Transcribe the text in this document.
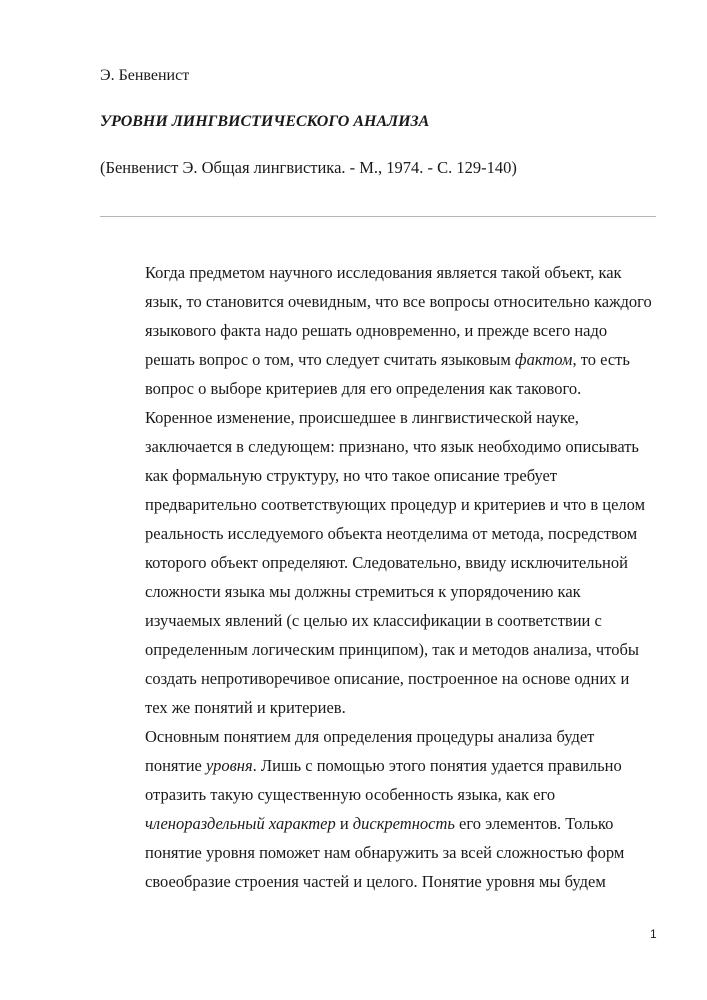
Э. Бенвенист
УРОВНИ ЛИНГВИСТИЧЕСКОГО АНАЛИЗА
(Бенвенист Э. Общая лингвистика. - М., 1974. - С. 129-140)
Когда предметом научного исследования является такой объект, как
язык, то становится очевидным, что все вопросы относительно каждого
языкового факта надо решать одновременно, и прежде всего надо
решать вопрос о том, что следует считать языковым фактом, то есть
вопрос о выборе критериев для его определения как такового.
Коренное изменение, происшедшее в лингвистической науке,
заключается в следующем: признано, что язык необходимо описывать
как формальную структуру, но что такое описание требует
предварительно соответствующих процедур и критериев и что в целом
реальность исследуемого объекта неотделима от метода, посредством
которого объект определяют. Следовательно, ввиду исключительной
сложности языка мы должны стремиться к упорядочению как
изучаемых явлений (с целью их классификации в соответствии с
определенным логическим принципом), так и методов анализа, чтобы
создать непротиворечивое описание, построенное на основе одних и
тех же понятий и критериев.
Основным понятием для определения процедуры анализа будет
понятие уровня. Лишь с помощью этого понятия удается правильно
отразить такую существенную особенность языка, как его
членораздельный характер и дискретность его элементов. Только
понятие уровня поможет нам обнаружить за всей сложностью форм
своеобразие строения частей и целого. Понятие уровня мы будем
1
